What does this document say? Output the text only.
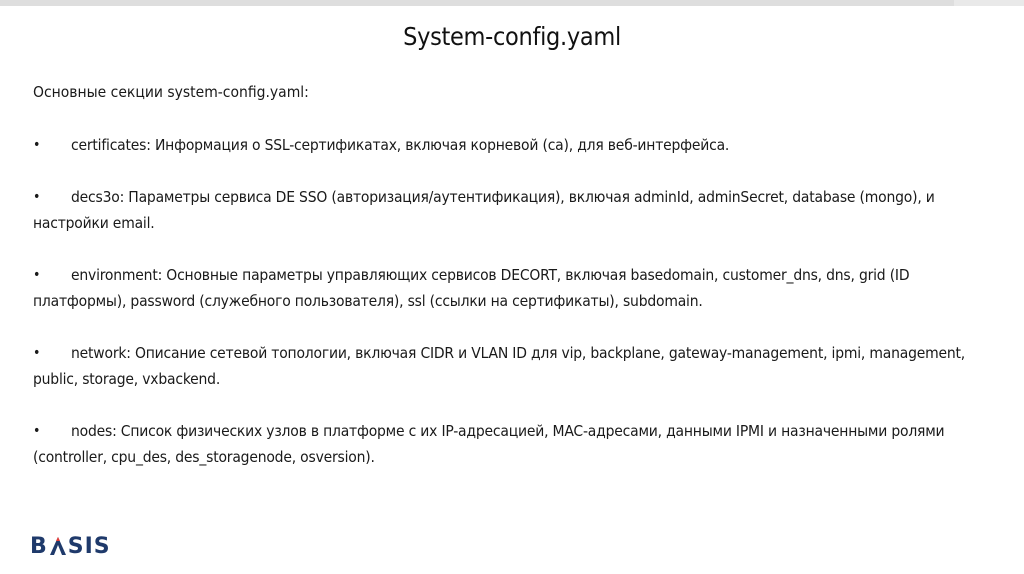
System-config.yaml
Основные секции system-config.yaml:
• certificates: Информация о SSL-сертификатах, включая корневой (ca), для веб-интерфейса.
• decs3o: Параметры сервиса DE SSO (авторизация/аутентификация), включая adminId, adminSecret, database (mongo), и настройки email.
• environment: Основные параметры управляющих сервисов DECORT, включая basedomain, customer_dns, dns, grid (ID платформы), password (служебного пользователя), ssl (ссылки на сертификаты), subdomain.
• network: Описание сетевой топологии, включая CIDR и VLAN ID для vip, backplane, gateway-management, ipmi, management, public, storage, vxbackend.
• nodes: Список физических узлов в платформе с их IP-адресацией, MAC-адресами, данными IPMI и назначенными ролями (controller, cpu_des, des_storagenode, osversion).
B SIS
